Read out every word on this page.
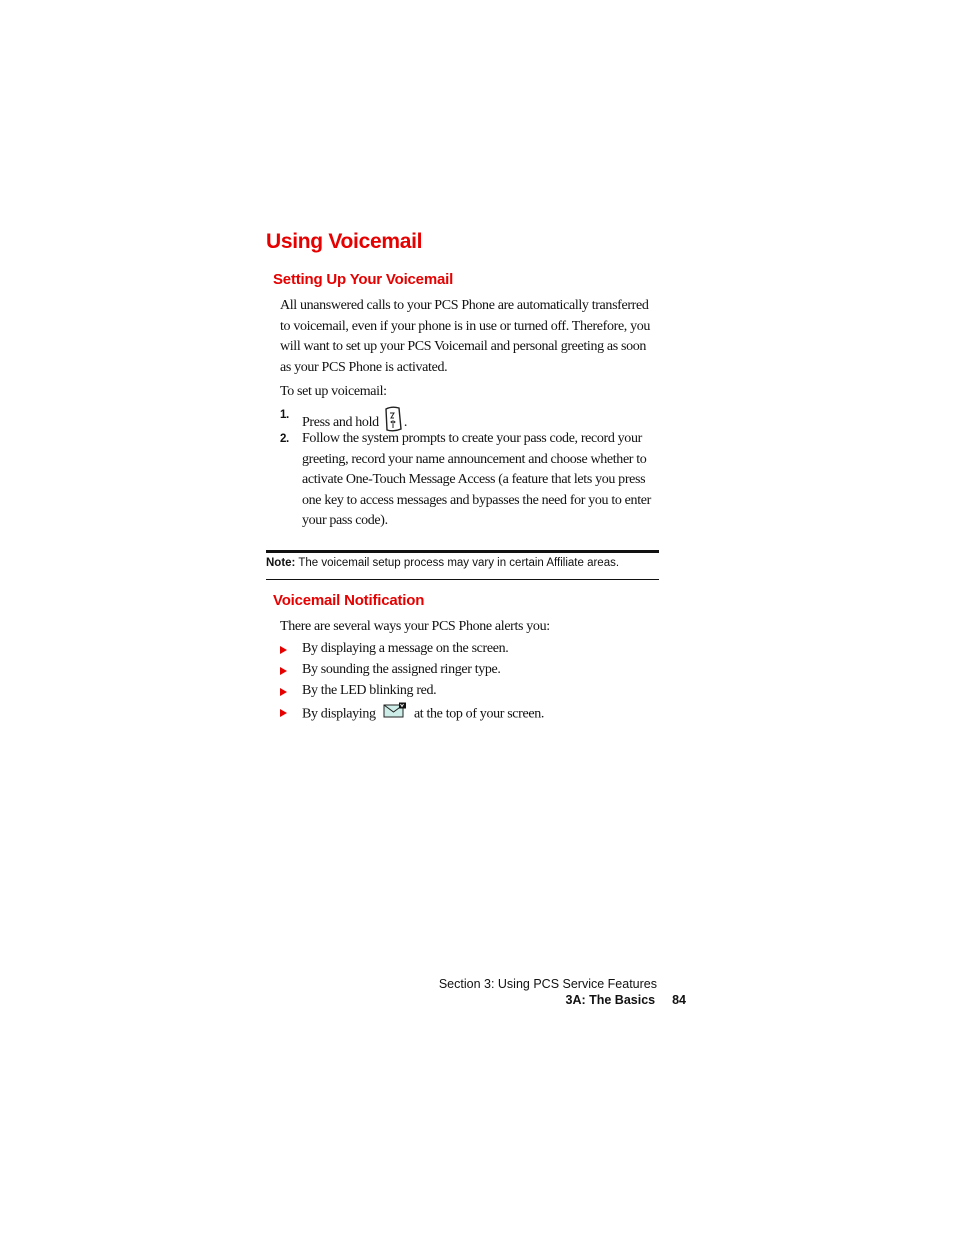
Using Voicemail
Setting Up Your Voicemail

All unanswered calls to your PCS Phone are automatically transferred to voicemail, even if your phone is in use or turned off. Therefore, you will want to set up your PCS Voicemail and personal greeting as soon as your PCS Phone is activated.

To set up voicemail:

1. Press and hold .
2. Follow the system prompts to create your pass code, record your greeting, record your name announcement and choose whether to activate One-Touch Message Access (a feature that lets you press one key to access messages and bypasses the need for you to enter your pass code).
Note: The voicemail setup process may vary in certain Affiliate areas.
Voicemail Notification

There are several ways your PCS Phone alerts you:

By displaying a message on the screen.
By sounding the assigned ringer type.
By the LED blinking red.
By displaying	at the top of your screen.
Section 3: Using PCS Service Features
3A: The Basics 84
